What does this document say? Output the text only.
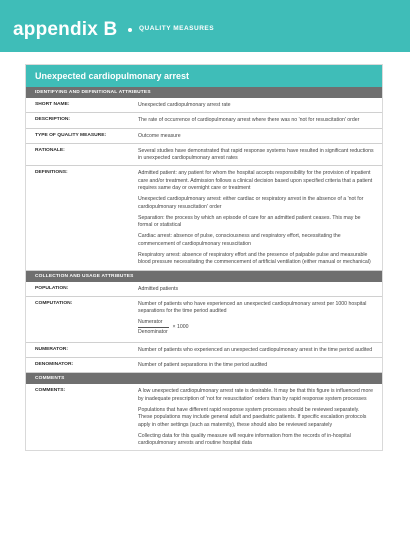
appendix B	QUALITY MEASURES
Unexpected cardiopulmonary arrest
IDENTIFYING AND DEFINITIONAL ATTRIBUTES
SHORT NAME:	Unexpected cardiopulmonary arrest rate
DESCRIPTION:	The rate of occurrence of cardiopulmonary arrest where there was no 'not for resuscitation' order
TYPE OF QUALITY MEASURE:	Outcome measure
RATIONALE:	Several studies have demonstrated that rapid response systems have resulted in significant reductions in unexpected cardiopulmonary arrest rates
DEFINITIONS:	Admitted patient: any patient for whom the hospital accepts responsibility for the provision of inpatient care and/or treatment. Admission follows a clinical decision based upon specified criteria that a patient requires same day or overnight care or treatment

Unexpected cardiopulmonary arrest: either cardiac or respiratory arrest in the absence of a 'not for cardiopulmonary resuscitation' order

Separation: the process by which an episode of care for an admitted patient ceases. This may be formal or statistical

Cardiac arrest: absence of pulse, consciousness and respiratory effort, necessitating the commencement of cardiopulmonary resuscitation

Respiratory arrest: absence of respiratory effort and the presence of palpable pulse and measurable blood pressure necessitating the commencement of artificial ventilation (either manual or mechanical)

COLLECTION AND USAGE ATTRIBUTES
POPULATION:	Admitted patients
COMPUTATION:	Number of patients who have experienced an unexpected cardiopulmonary arrest per 1000 hospital separations for the time period audited

$\frac{\text{Numerator}}{\text{Denominator}} \times 1000$
NUMERATOR:	Number of patients who experienced an unexpected cardiopulmonary arrest in the time period audited
DENOMINATOR:	Number of patient separations in the time period audited
COMMENTS
COMMENTS:	A low unexpected cardiopulmonary arrest rate is desirable. It may be that this figure is influenced more by inadequate prescription of 'not for resuscitation' orders than by rapid response system processes

Populations that have different rapid response system processes should be reviewed separately. These populations may include general adult and paediatric patients. If specific escalation protocols apply in other settings (such as maternity), these should also be reviewed separately

Collecting data for this quality measure will require information from the records of in-hospital cardiopulmonary arrests and routine hospital data
